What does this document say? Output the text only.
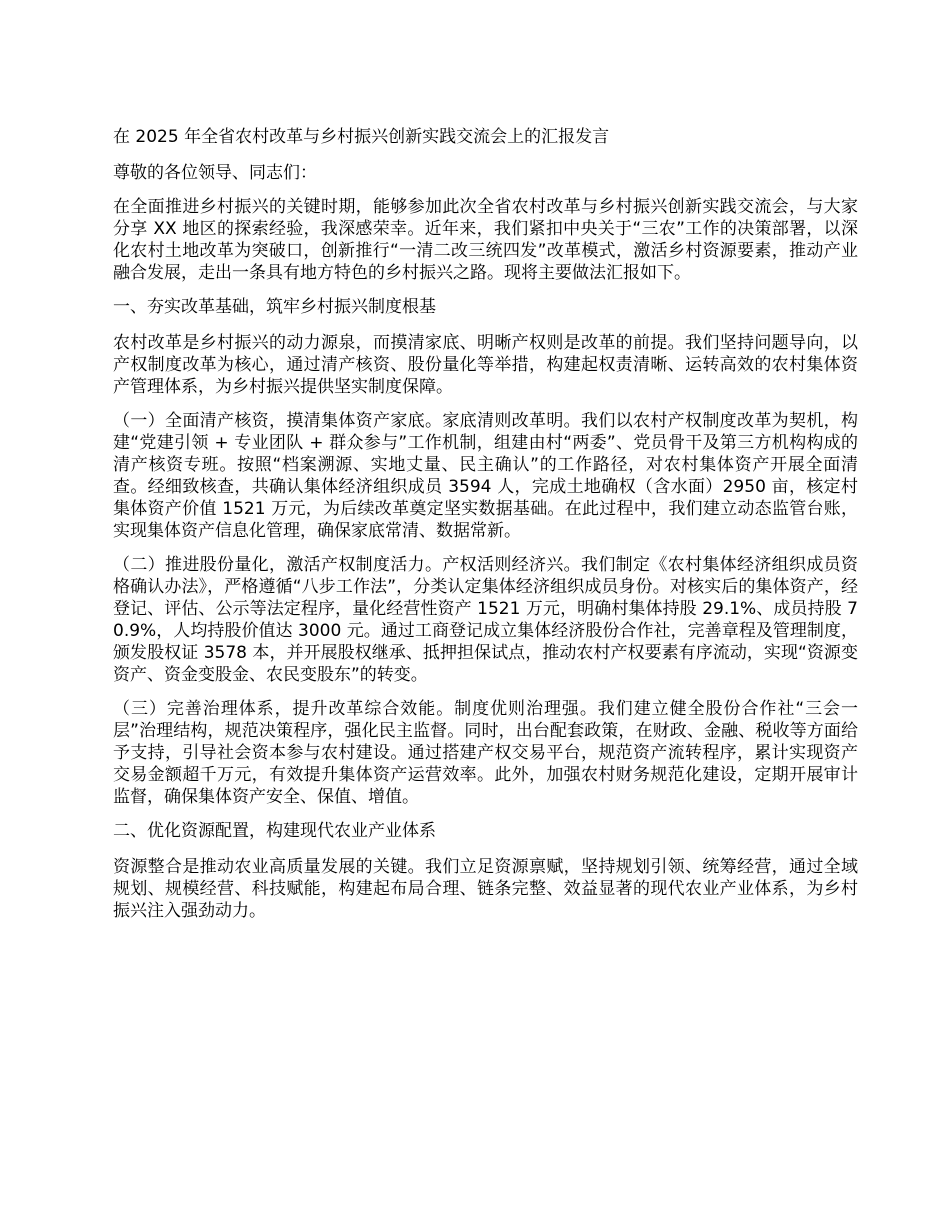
在 2025 年全省农村改革与乡村振兴创新实践交流会上的汇报发言

尊敬的各位领导、同志们：

在全面推进乡村振兴的关键时期，能够参加此次全省农村改革与乡村振兴创新实践交流会，与大家分享 XX 地区的探索经验，我深感荣幸。近年来，我们紧扣中央关于“三农”工作的决策部署，以深化农村土地改革为突破口，创新推行“一清二改三统四发”改革模式，激活乡村资源要素，推动产业融合发展，走出一条具有地方特色的乡村振兴之路。现将主要做法汇报如下。

一、夯实改革基础，筑牢乡村振兴制度根基

农村改革是乡村振兴的动力源泉，而摸清家底、明晰产权则是改革的前提。我们坚持问题导向，以产权制度改革为核心，通过清产核资、股份量化等举措，构建起权责清晰、运转高效的农村集体资产管理体系，为乡村振兴提供坚实制度保障。

（一）全面清产核资，摸清集体资产家底。家底清则改革明。我们以农村产权制度改革为契机，构建“党建引领 + 专业团队 + 群众参与”工作机制，组建由村“两委”、党员骨干及第三方机构构成的清产核资专班。按照“档案溯源、实地丈量、民主确认”的工作路径，对农村集体资产开展全面清查。经细致核查，共确认集体经济组织成员 3594 人，完成土地确权（含水面）2950 亩，核定村集体资产价值 1521 万元，为后续改革奠定坚实数据基础。在此过程中，我们建立动态监管台账，实现集体资产信息化管理，确保家底常清、数据常新。

（二）推进股份量化，激活产权制度活力。产权活则经济兴。我们制定《农村集体经济组织成员资格确认办法》，严格遵循“八步工作法”，分类认定集体经济组织成员身份。对核实后的集体资产，经登记、评估、公示等法定程序，量化经营性资产 1521 万元，明确村集体持股 29.1%、成员持股 70.9%，人均持股价值达 3000 元。通过工商登记成立集体经济股份合作社，完善章程及管理制度，颁发股权证 3578 本，并开展股权继承、抵押担保试点，推动农村产权要素有序流动，实现“资源变资产、资金变股金、农民变股东”的转变。

（三）完善治理体系，提升改革综合效能。制度优则治理强。我们建立健全股份合作社“三会一层”治理结构，规范决策程序，强化民主监督。同时，出台配套政策，在财政、金融、税收等方面给予支持，引导社会资本参与农村建设。通过搭建产权交易平台，规范资产流转程序，累计实现资产交易金额超千万元，有效提升集体资产运营效率。此外，加强农村财务规范化建设，定期开展审计监督，确保集体资产安全、保值、增值。

二、优化资源配置，构建现代农业产业体系

资源整合是推动农业高质量发展的关键。我们立足资源禀赋，坚持规划引领、统筹经营，通过全域规划、规模经营、科技赋能，构建起布局合理、链条完整、效益显著的现代农业产业体系，为乡村振兴注入强劲动力。
